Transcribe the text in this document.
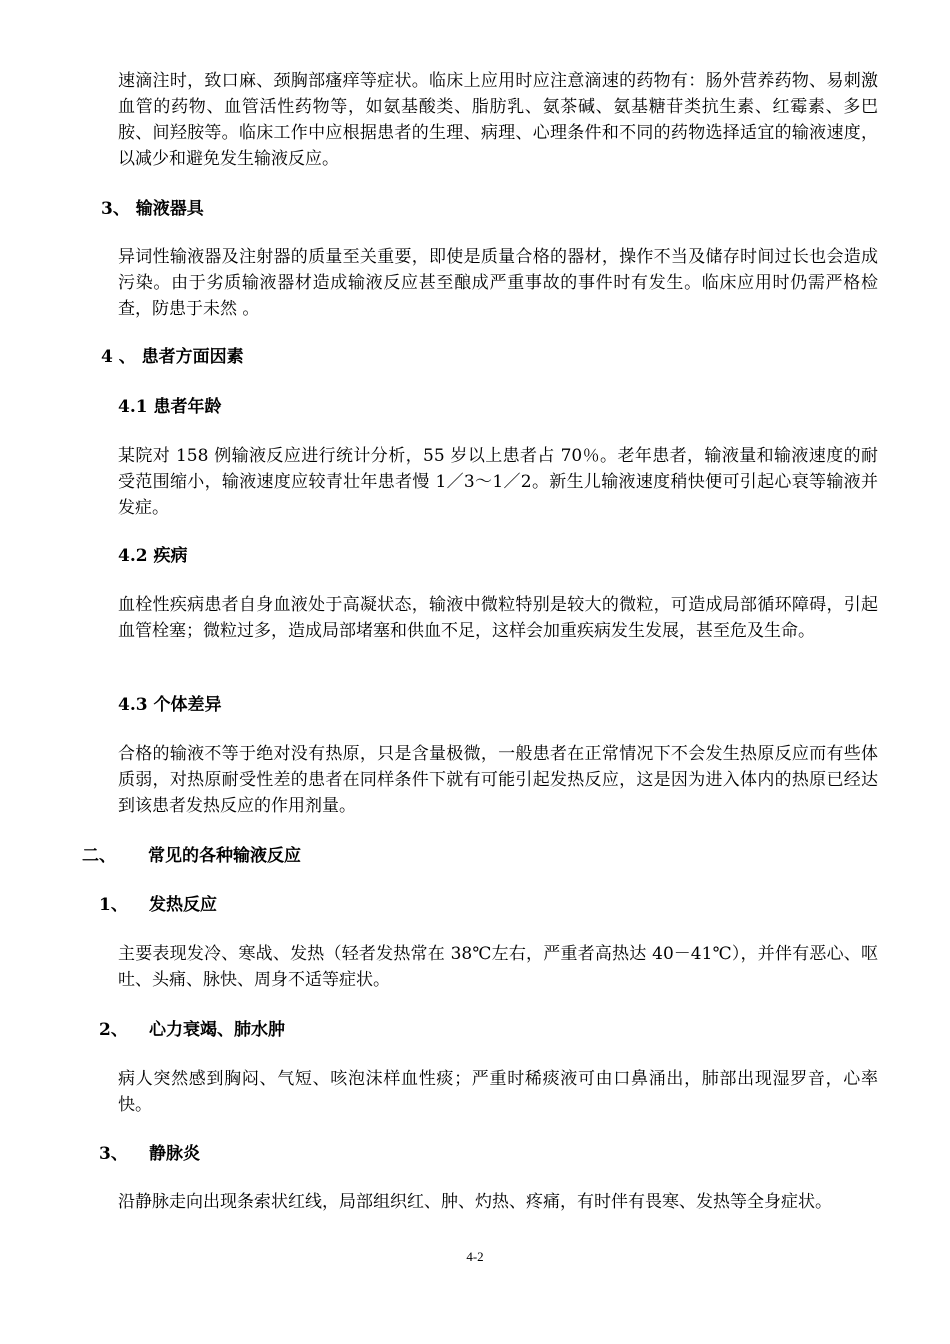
速滴注时，致口麻、颈胸部瘙痒等症状。临床上应用时应注意滴速的药物有：肠外营养药物、易刺激血管的药物、血管活性药物等，如氨基酸类、脂肪乳、氨茶碱、氨基糖苷类抗生素、红霉素、多巴胺、间羟胺等。临床工作中应根据患者的生理、病理、心理条件和不同的药物选择适宜的输液速度，以减少和避免发生输液反应。

3、 输液器具

异词性输液器及注射器的质量至关重要，即使是质量合格的器材，操作不当及储存时间过长也会造成污染。由于劣质输液器材造成输液反应甚至酿成严重事故的事件时有发生。临床应用时仍需严格检查，防患于未然 。

4 、 患者方面因素

4.1 患者年龄

某院对 158 例输液反应进行统计分析，55 岁以上患者占 70％。老年患者，输液量和输液速度的耐受范围缩小，输液速度应较青壮年患者慢 1／3～1／2。新生儿输液速度稍快便可引起心衰等输液并发症。

4.2 疾病

血栓性疾病患者自身血液处于高凝状态，输液中微粒特别是较大的微粒，可造成局部循环障碍，引起血管栓塞；微粒过多，造成局部堵塞和供血不足，这样会加重疾病发生发展，甚至危及生命。

4.3 个体差异

合格的输液不等于绝对没有热原，只是含量极微，一般患者在正常情况下不会发生热原反应而有些体质弱，对热原耐受性差的患者在同样条件下就有可能引起发热反应，这是因为进入体内的热原已经达到该患者发热反应的作用剂量。

二、 常见的各种输液反应

1、 发热反应

主要表现发冷、寒战、发热（轻者发热常在 38℃左右，严重者高热达 40－41℃），并伴有恶心、呕吐、头痛、脉快、周身不适等症状。

2、 心力衰竭、肺水肿

病人突然感到胸闷、气短、咳泡沫样血性痰；严重时稀痰液可由口鼻涌出，肺部出现湿罗音，心率快。

3、 静脉炎

沿静脉走向出现条索状红线，局部组织红、肿、灼热、疼痛，有时伴有畏寒、发热等全身症状。

4-2
